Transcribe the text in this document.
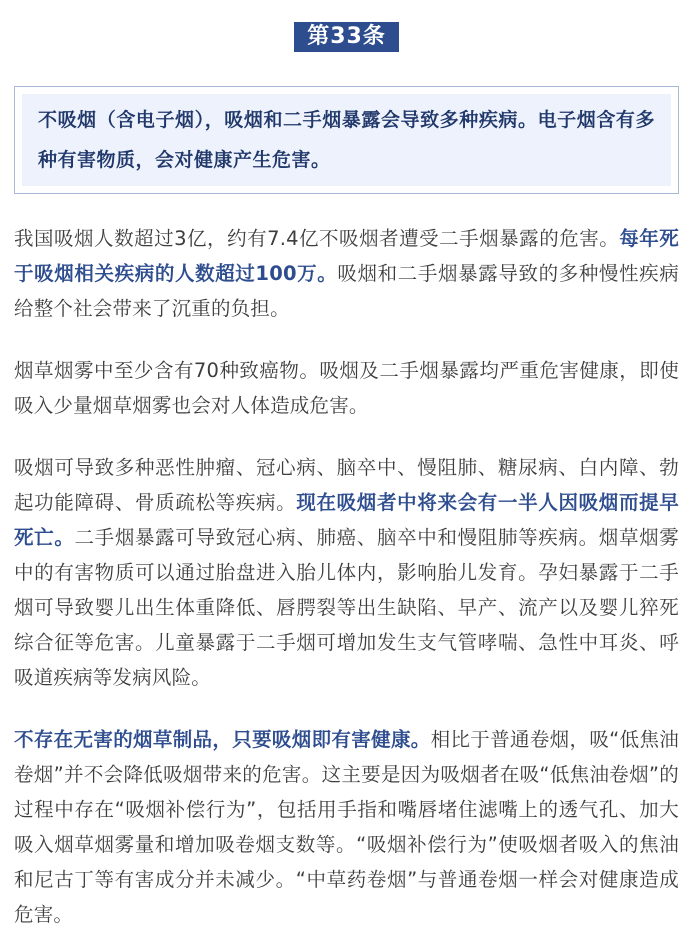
第33条
不吸烟（含电子烟），吸烟和二手烟暴露会导致多种疾病。电子烟含有多种有害物质，会对健康产生危害。

我国吸烟人数超过3亿，约有7.4亿不吸烟者遭受二手烟暴露的危害。每年死于吸烟相关疾病的人数超过100万。吸烟和二手烟暴露导致的多种慢性疾病给整个社会带来了沉重的负担。

烟草烟雾中至少含有70种致癌物。吸烟及二手烟暴露均严重危害健康，即使吸入少量烟草烟雾也会对人体造成危害。

吸烟可导致多种恶性肿瘤、冠心病、脑卒中、慢阻肺、糖尿病、白内障、勃起功能障碍、骨质疏松等疾病。现在吸烟者中将来会有一半人因吸烟而提早死亡。二手烟暴露可导致冠心病、肺癌、脑卒中和慢阻肺等疾病。烟草烟雾中的有害物质可以通过胎盘进入胎儿体内，影响胎儿发育。孕妇暴露于二手烟可导致婴儿出生体重降低、唇腭裂等出生缺陷、早产、流产以及婴儿猝死综合征等危害。儿童暴露于二手烟可增加发生支气管哮喘、急性中耳炎、呼吸道疾病等发病风险。

不存在无害的烟草制品，只要吸烟即有害健康。相比于普通卷烟，吸“低焦油卷烟”并不会降低吸烟带来的危害。这主要是因为吸烟者在吸“低焦油卷烟”的过程中存在“吸烟补偿行为”，包括用手指和嘴唇堵住滤嘴上的透气孔、加大吸入烟草烟雾量和增加吸卷烟支数等。“吸烟补偿行为”使吸烟者吸入的焦油和尼古丁等有害成分并未减少。“中草药卷烟”与普通卷烟一样会对健康造成危害。
